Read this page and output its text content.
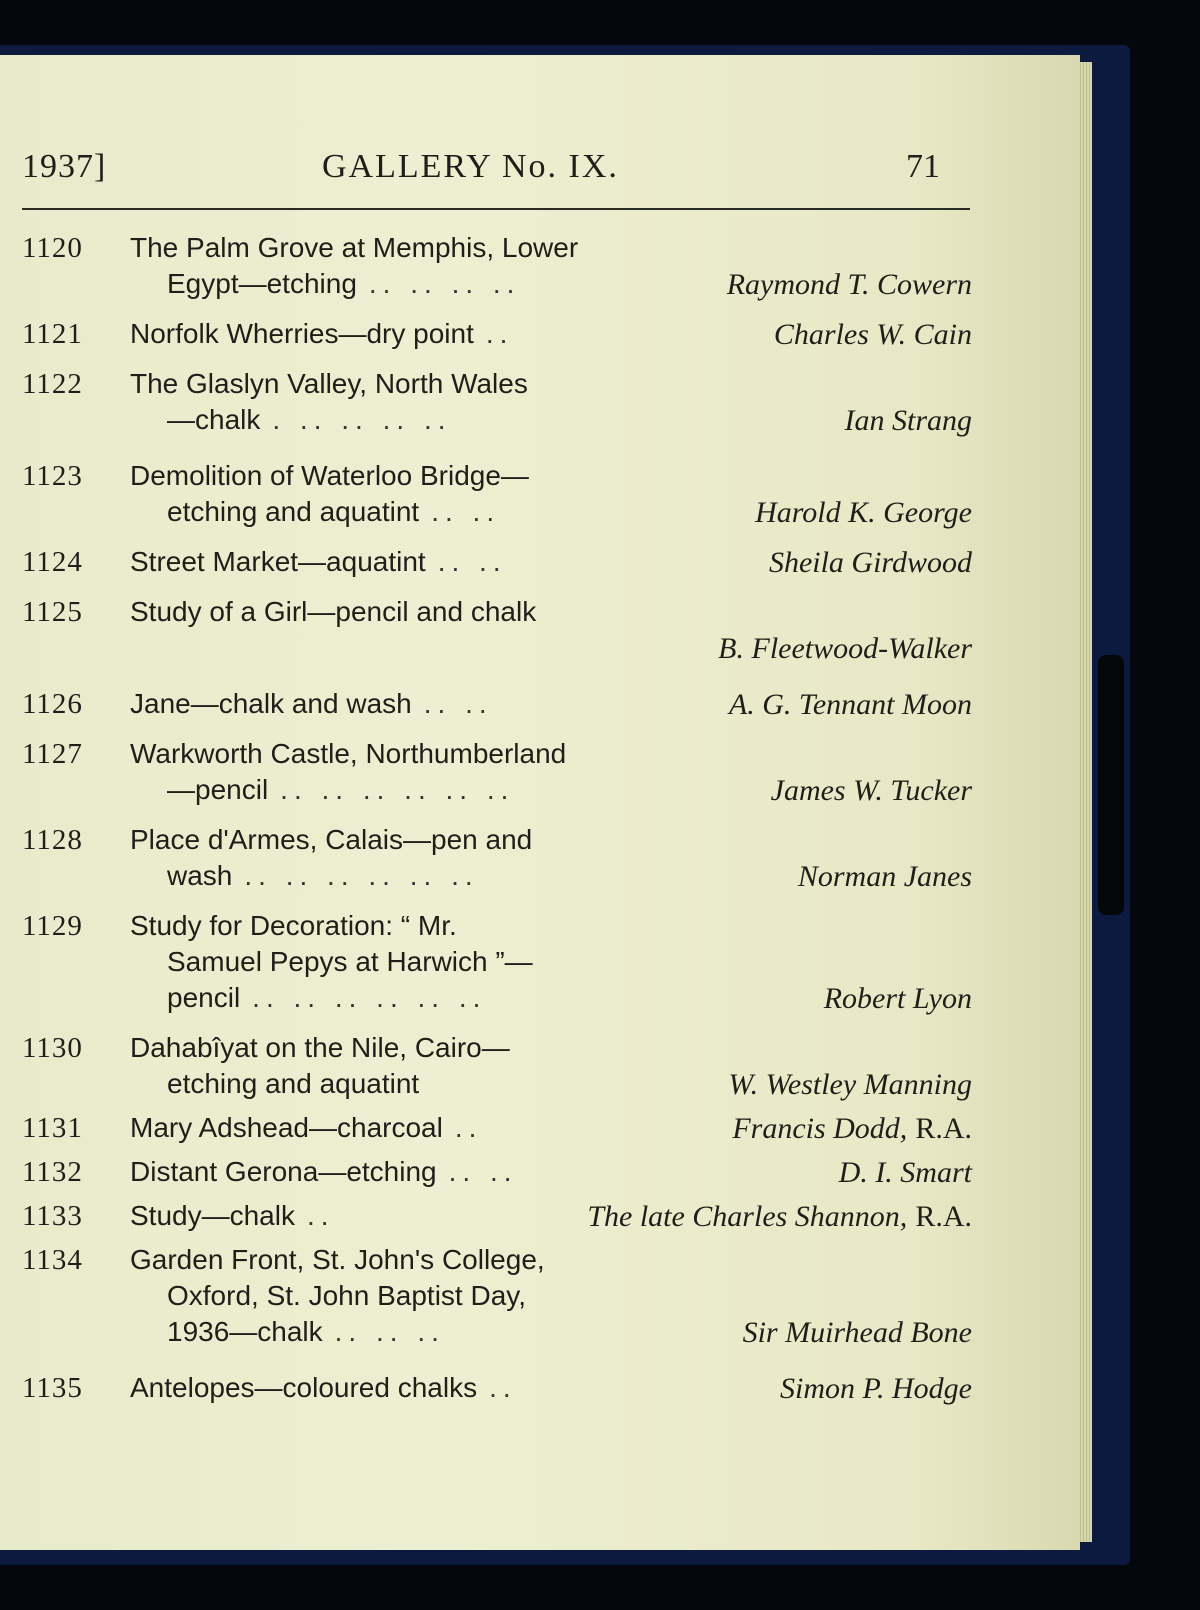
1937]	GALLERY No. IX.	71
1120	The Palm Grove at Memphis, Lower
Egypt—etching .. .. .. ..	Raymond T. Cowern
1121	Norfolk Wherries—dry point ..	Charles W. Cain
1122	The Glaslyn Valley, North Wales
—chalk . .. .. .. ..	Ian Strang
1123	Demolition of Waterloo Bridge—
etching and aquatint .. ..	Harold K. George
1124	Street Market—aquatint .. ..	Sheila Girdwood
1125	Study of a Girl—pencil and chalk
B. Fleetwood-Walker
1126	Jane—chalk and wash .. ..	A. G. Tennant Moon
1127	Warkworth Castle, Northumberland
—pencil .. .. .. .. .. ..	James W. Tucker
1128	Place d'Armes, Calais—pen and
wash .. .. .. .. .. ..	Norman Janes
1129	Study for Decoration: “ Mr.
Samuel Pepys at Harwich ”—
pencil .. .. .. .. .. ..	Robert Lyon
1130	Dahabîyat on the Nile, Cairo—
etching and aquatint	W. Westley Manning
1131	Mary Adshead—charcoal ..	Francis Dodd, R.A.
1132	Distant Gerona—etching .. ..	D. I. Smart
1133	Study—chalk ..	The late Charles Shannon, R.A.
1134	Garden Front, St. John's College,
Oxford, St. John Baptist Day,
1936—chalk .. .. ..	Sir Muirhead Bone
1135	Antelopes—coloured chalks ..	Simon P. Hodge
